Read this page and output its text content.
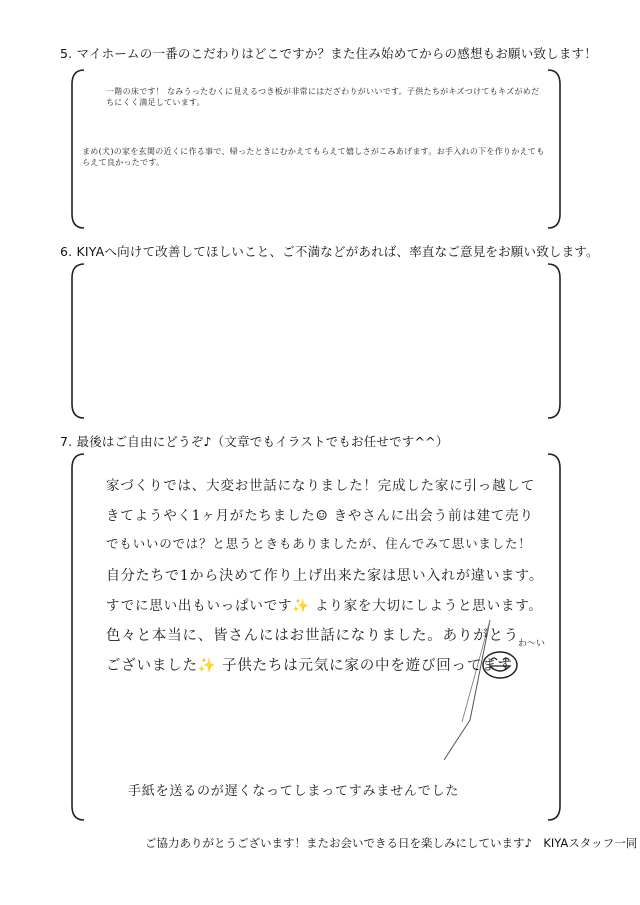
5. マイホームの一番のこだわりはどこですか？また住み始めてからの感想もお願い致します！
一階の床です！ なみうったむくに見えるつき板が非常にはだざわりがいいです。子供たちがキズつけてもキズがめだちにくく満足しています。
まめ(犬)の家を玄関の近くに作る事で、帰ったときにむかえてもらえて嬉しさがこみあげます。お手入れの下を作りかえてもらえて良かったです。
6. KIYAへ向けて改善してほしいこと、ご不満などがあれば、率直なご意見をお願い致します。
7. 最後はご自由にどうぞ♪（文章でもイラストでもお任せです^^）
家づくりでは、大変お世話になりました！完成した家に引っ越して
きてようやく1ヶ月がたちました☺ きやさんに出会う前は建て売り
でもいいのでは？と思うときもありましたが、住んでみて思いました！
自分たちで1から決めて作り上げ出来た家は思い入れが違います。
すでに思い出もいっぱいです✨ より家を大切にしようと思います。
色々と本当に、皆さんにはお世話になりました。ありがとう
ございました✨ 子供たちは元気に家の中を遊び回ってます
手紙を送るのが遅くなってしまってすみませんでした
わ〜い
ご協力ありがとうございます！またお会いできる日を楽しみにしています♪　KIYAスタッフ一同
